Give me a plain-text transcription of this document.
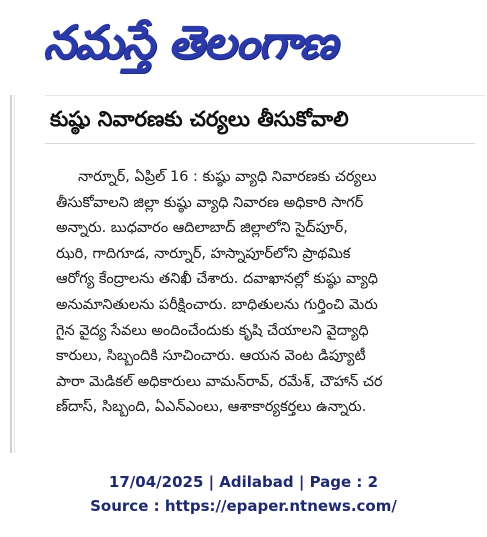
నమస్తే తెలంగాణ
కుష్ఠు నివారణకు చర్యలు తీసుకోవాలి
నార్నూర్, ఏప్రిల్ 16 : కుష్ఠు వ్యాధి నివారణకు చర్యలు
తీసుకోవాలని జిల్లా కుష్ఠు వ్యాధి నివారణ అధికారి సాగర్
అన్నారు. బుధవారం ఆదిలాబాద్ జిల్లాలోని సైద్‌పూర్,
ఝరి, గాదిగూడ, నార్నూర్, హస్నాపూర్‌లోని ప్రాథమిక
ఆరోగ్య కేంద్రాలను తనిఖీ చేశారు. దవాఖానల్లో కుష్ఠు వ్యాధి
అనుమానితులను పరీక్షించారు. బాధితులను గుర్తించి మెరు
గైన వైద్య సేవలు అందించేందుకు కృషి చేయాలని వైద్యాధి
కారులు, సిబ్బందికి సూచించారు. ఆయన వెంట డిప్యూటీ
పారా మెడికల్ అధికారులు వామన్‌రావ్, రమేశ్, చౌహాన్ చర
ణ్‌దాస్, సిబ్బంది, ఏఎన్‌ఎంలు, ఆశాకార్యకర్తలు ఉన్నారు.
17/04/2025 | Adilabad | Page : 2
Source : https://epaper.ntnews.com/
